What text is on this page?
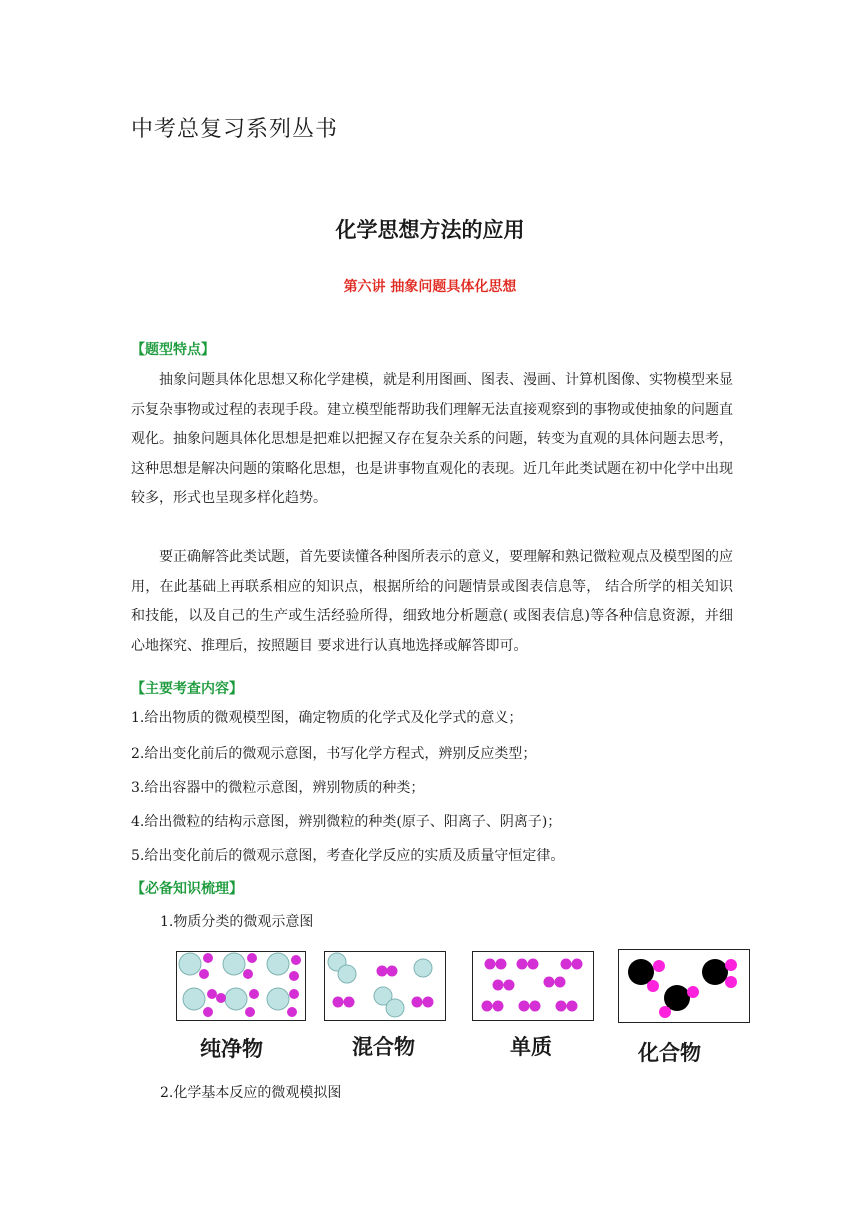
中考总复习系列丛书
化学思想方法的应用
第六讲 抽象问题具体化思想
【题型特点】
抽象问题具体化思想又称化学建模，就是利用图画、图表、漫画、计算机图像、实物模型来显示复杂事物或过程的表现手段。建立模型能帮助我们理解无法直接观察到的事物或使抽象的问题直观化。抽象问题具体化思想是把难以把握又存在复杂关系的问题，转变为直观的具体问题去思考，这种思想是解决问题的策略化思想，也是讲事物直观化的表现。近几年此类试题在初中化学中出现较多，形式也呈现多样化趋势。
要正确解答此类试题，首先要读懂各种图所表示的意义，要理解和熟记微粒观点及模型图的应用，在此基础上再联系相应的知识点，根据所给的问题情景或图表信息等， 结合所学的相关知识和技能，以及自己的生产或生活经验所得，细致地分析题意( 或图表信息)等各种信息资源，并细心地探究、推理后，按照题目 要求进行认真地选择或解答即可。
【主要考查内容】
1.给出物质的微观模型图，确定物质的化学式及化学式的意义；
2.给出变化前后的微观示意图，书写化学方程式，辨别反应类型；
3.给出容器中的微粒示意图，辨别物质的种类；
4.给出微粒的结构示意图，辨别微粒的种类(原子、阳离子、阴离子)；
5.给出变化前后的微观示意图，考查化学反应的实质及质量守恒定律。
【必备知识梳理】
1.物质分类的微观示意图
纯净物	混合物	单质	化合物
2.化学基本反应的微观模拟图
